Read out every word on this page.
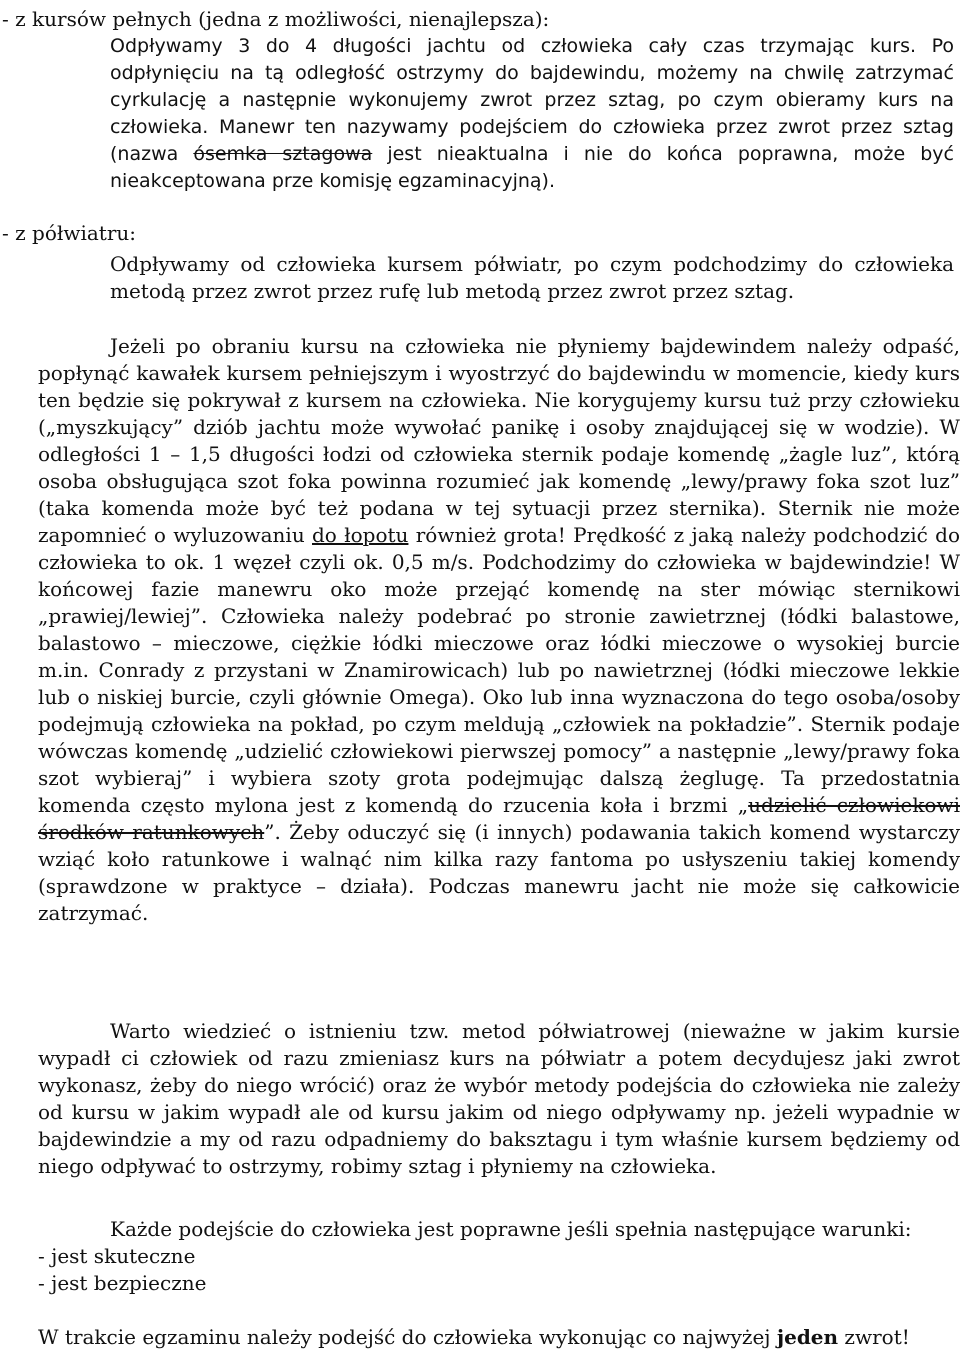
- z kursów pełnych (jedna z możliwości, nienajlepsza):

Odpływamy 3 do 4 długości jachtu od człowieka cały czas trzymając kurs. Po odpłynięciu na tą odległość ostrzymy do bajdewindu, możemy na chwilę zatrzymać cyrkulację a następnie wykonujemy zwrot przez sztag, po czym obieramy kurs na człowieka. Manewr ten nazywamy podejściem do człowieka przez zwrot przez sztag (nazwa ósemka sztagowa jest nieaktualna i nie do końca poprawna, może być nieakceptowana prze komisję egzaminacyjną).

- z półwiatru:

Odpływamy od człowieka kursem półwiatr, po czym podchodzimy do człowieka metodą przez zwrot przez rufę lub metodą przez zwrot przez sztag.

Jeżeli po obraniu kursu na człowieka nie płyniemy bajdewindem należy odpaść, popłynąć kawałek kursem pełniejszym i wyostrzyć do bajdewindu w momencie, kiedy kurs ten będzie się pokrywał z kursem na człowieka. Nie korygujemy kursu tuż przy człowieku („myszkujący” dziób jachtu może wywołać panikę i osoby znajdującej się w wodzie). W odległości 1 – 1,5 długości łodzi od człowieka sternik podaje komendę „żagle luz”, którą osoba obsługująca szot foka powinna rozumieć jak komendę „lewy/prawy foka szot luz” (taka komenda może być też podana w tej sytuacji przez sternika). Sternik nie może zapomnieć o wyluzowaniu do łopotu również grota! Prędkość z jaką należy podchodzić do człowieka to ok. 1 węzeł czyli ok. 0,5 m/s. Podchodzimy do człowieka w bajdewindzie! W końcowej fazie manewru oko może przejąć komendę na ster mówiąc sternikowi „prawiej/lewiej”. Człowieka należy podebrać po stronie zawietrznej (łódki balastowe, balastowo – mieczowe, ciężkie łódki mieczowe oraz łódki mieczowe o wysokiej burcie m.in. Conrady z przystani w Znamirowicach) lub po nawietrznej (łódki mieczowe lekkie lub o niskiej burcie, czyli głównie Omega). Oko lub inna wyznaczona do tego osoba/osoby podejmują człowieka na pokład, po czym meldują „człowiek na pokładzie”. Sternik podaje wówczas komendę „udzielić człowiekowi pierwszej pomocy” a następnie „lewy/prawy foka szot wybieraj” i wybiera szoty grota podejmując dalszą żeglugę. Ta przedostatnia komenda często mylona jest z komendą do rzucenia koła i brzmi „udzielić człowiekowi środków ratunkowych”. Żeby oduczyć się (i innych) podawania takich komend wystarczy wziąć koło ratunkowe i walnąć nim kilka razy fantoma po usłyszeniu takiej komendy (sprawdzone w praktyce – działa). Podczas manewru jacht nie może się całkowicie zatrzymać.

Warto wiedzieć o istnieniu tzw. metod półwiatrowej (nieważne w jakim kursie wypadł ci człowiek od razu zmieniasz kurs na półwiatr a potem decydujesz jaki zwrot wykonasz, żeby do niego wrócić) oraz że wybór metody podejścia do człowieka nie zależy od kursu w jakim wypadł ale od kursu jakim od niego odpływamy np. jeżeli wypadnie w bajdewindzie a my od razu odpadniemy do baksztagu i tym właśnie kursem będziemy od niego odpływać to ostrzymy, robimy sztag i płyniemy na człowieka.

Każde podejście do człowieka jest poprawne jeśli spełnia następujące warunki:

- jest skuteczne

- jest bezpieczne

W trakcie egzaminu należy podejść do człowieka wykonując co najwyżej jeden zwrot!
